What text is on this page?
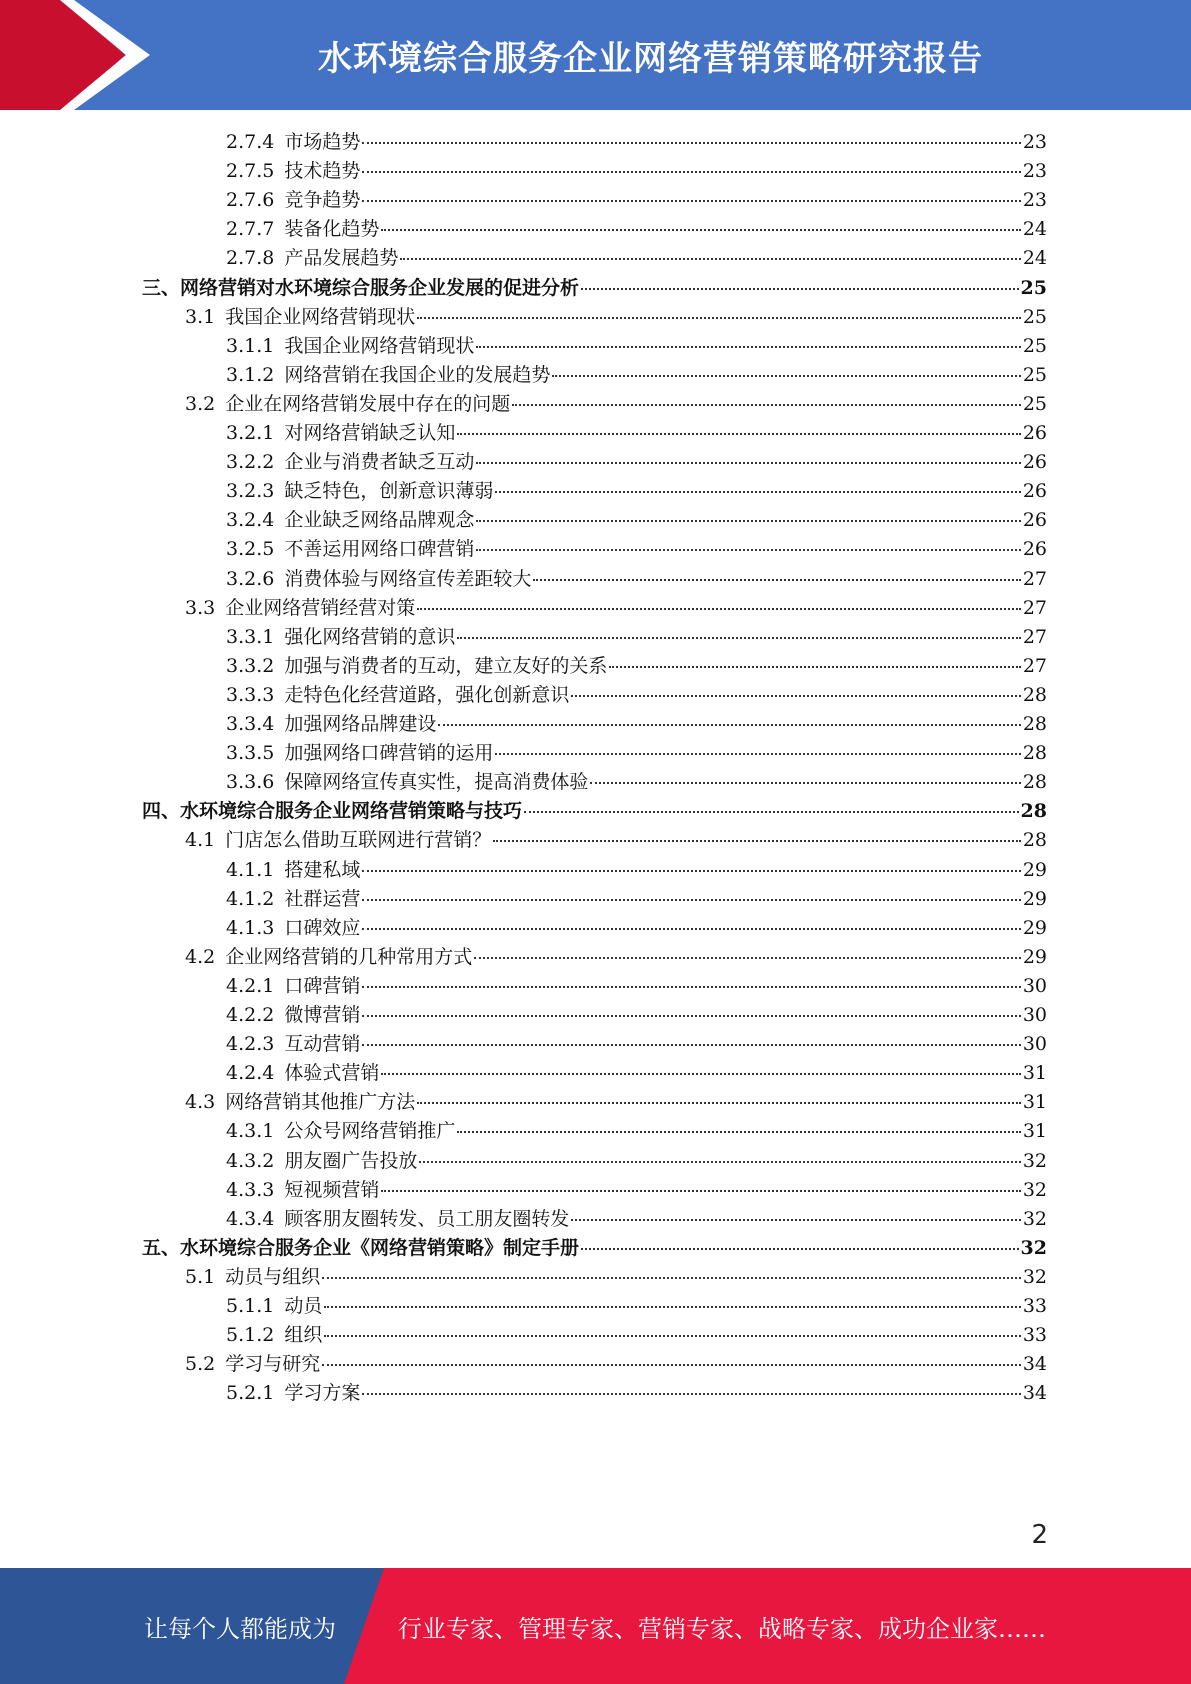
水环境综合服务企业网络营销策略研究报告
2.7.4 市场趋势	23
2.7.5 技术趋势	23
2.7.6 竞争趋势	23
2.7.7 装备化趋势	24
2.7.8 产品发展趋势	24
三、网络营销对水环境综合服务企业发展的促进分析	25
3.1 我国企业网络营销现状	25
3.1.1 我国企业网络营销现状	25
3.1.2 网络营销在我国企业的发展趋势	25
3.2 企业在网络营销发展中存在的问题	25
3.2.1 对网络营销缺乏认知	26
3.2.2 企业与消费者缺乏互动	26
3.2.3 缺乏特色，创新意识薄弱	26
3.2.4 企业缺乏网络品牌观念	26
3.2.5 不善运用网络口碑营销	26
3.2.6 消费体验与网络宣传差距较大	27
3.3 企业网络营销经营对策	27
3.3.1 强化网络营销的意识	27
3.3.2 加强与消费者的互动，建立友好的关系	27
3.3.3 走特色化经营道路，强化创新意识	28
3.3.4 加强网络品牌建设	28
3.3.5 加强网络口碑营销的运用	28
3.3.6 保障网络宣传真实性，提高消费体验	28
四、水环境综合服务企业网络营销策略与技巧	28
4.1 门店怎么借助互联网进行营销？	28
4.1.1 搭建私域	29
4.1.2 社群运营	29
4.1.3 口碑效应	29
4.2 企业网络营销的几种常用方式	29
4.2.1 口碑营销	30
4.2.2 微博营销	30
4.2.3 互动营销	30
4.2.4 体验式营销	31
4.3 网络营销其他推广方法	31
4.3.1 公众号网络营销推广	31
4.3.2 朋友圈广告投放	32
4.3.3 短视频营销	32
4.3.4 顾客朋友圈转发、员工朋友圈转发	32
五、水环境综合服务企业《网络营销策略》制定手册	32
5.1 动员与组织	32
5.1.1 动员	33
5.1.2 组织	33
5.2 学习与研究	34
5.2.1 学习方案	34
2
让每个人都能成为	行业专家、管理专家、营销专家、战略专家、成功企业家……
